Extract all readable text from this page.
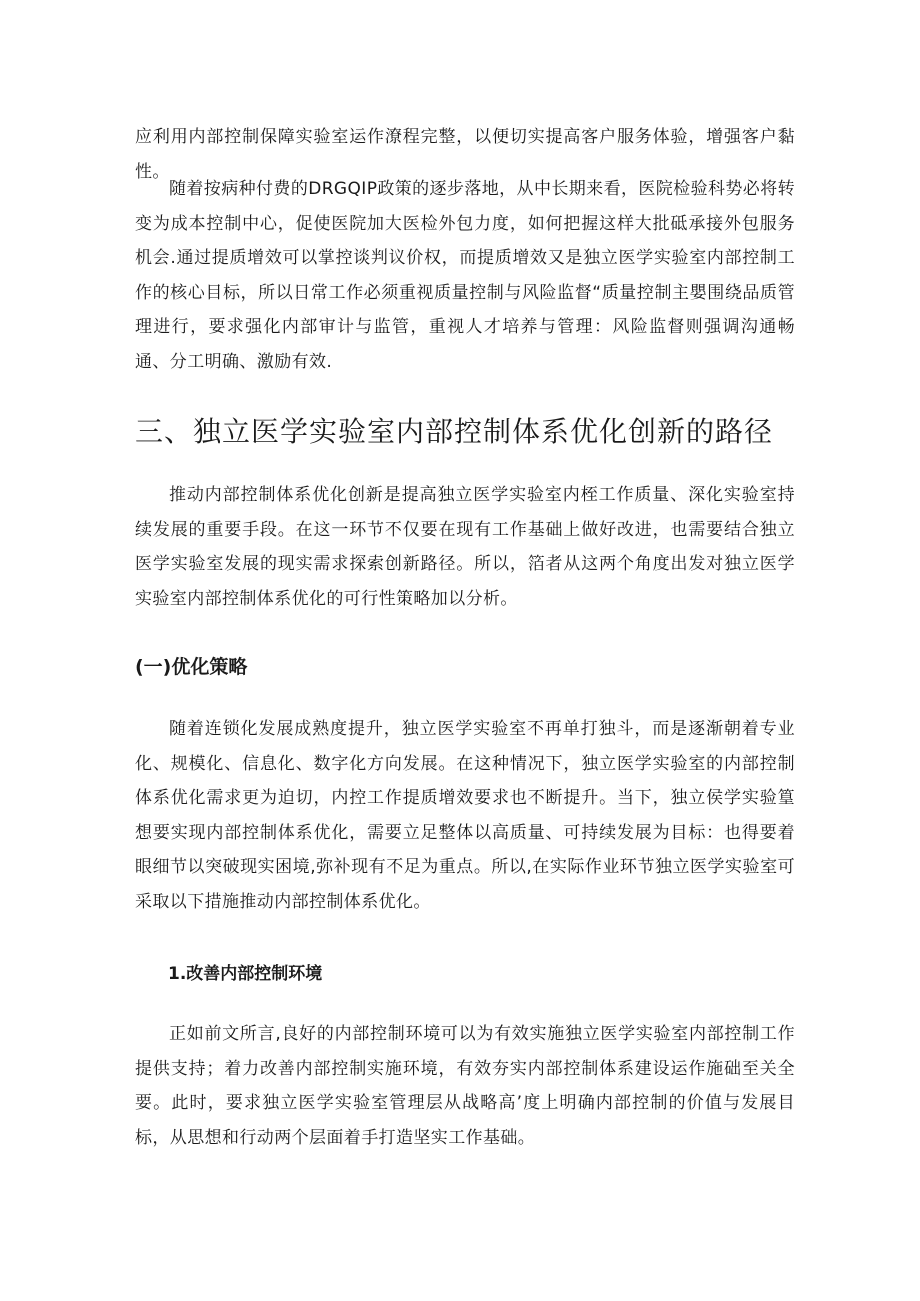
应利用内部控制保障实验室运作潦程完整，以便切实提高客户服务体验，增强客户黏性。

随着按病种付费的DRGQIP政策的逐步落地，从中长期来看，医院检验科势必将转变为成本控制中心，促使医院加大医检外包力度，如何把握这样大批砥承接外包服务机会.通过提质增效可以掌控谈判议价权，而提质增效又是独立医学实验室内部控制工作的核心目标，所以日常工作必须重视质量控制与风险监督“质量控制主嬰围绕品质管理进行，要求强化内部审计与监管，重视人才培养与管理：风险监督则强调沟通畅通、分工明确、激励有效.

三、独立医学实验室内部控制体系优化创新的路径

推动内部控制体系优化创新是提高独立医学实验室内桎工作质量、深化实验室持续发展的重要手段。在这一环节不仅要在现有工作基础上做好改进，也需要结合独立医学实验室发展的现实需求探索创新路径。所以，箔者从这两个角度出发对独立医学实验室内部控制体系优化的可行性策略加以分析。

(一)优化策略

随着连锁化发展成熟度提升，独立医学实验室不再单打独斗，而是逐渐朝着专业化、规模化、信息化、数字化方向发展。在这种情况下，独立医学实验室的内部控制体系优化需求更为迫切，内控工作提质增效要求也不断提升。当下，独立侯学实验篁想要实现内部控制体系优化，需要立足整体以高质量、可持续发展为目标：也得要着眼细节以突破现实困境,弥补现有不足为重点。所以,在实际作业环节独立医学实验室可采取以下措施推动内部控制体系优化。

1.改善内部控制环境

正如前文所言,良好的内部控制环境可以为有效实施独立医学实验室内部控制工作提供支持；着力改善内部控制实施环境，有效夯实内部控制体系建设运作施础至关全要。此时，要求独立医学实验室管理层从战略高’度上明确内部控制的价值与发展目标，从思想和行动两个层面着手打造坚实工作基础。
